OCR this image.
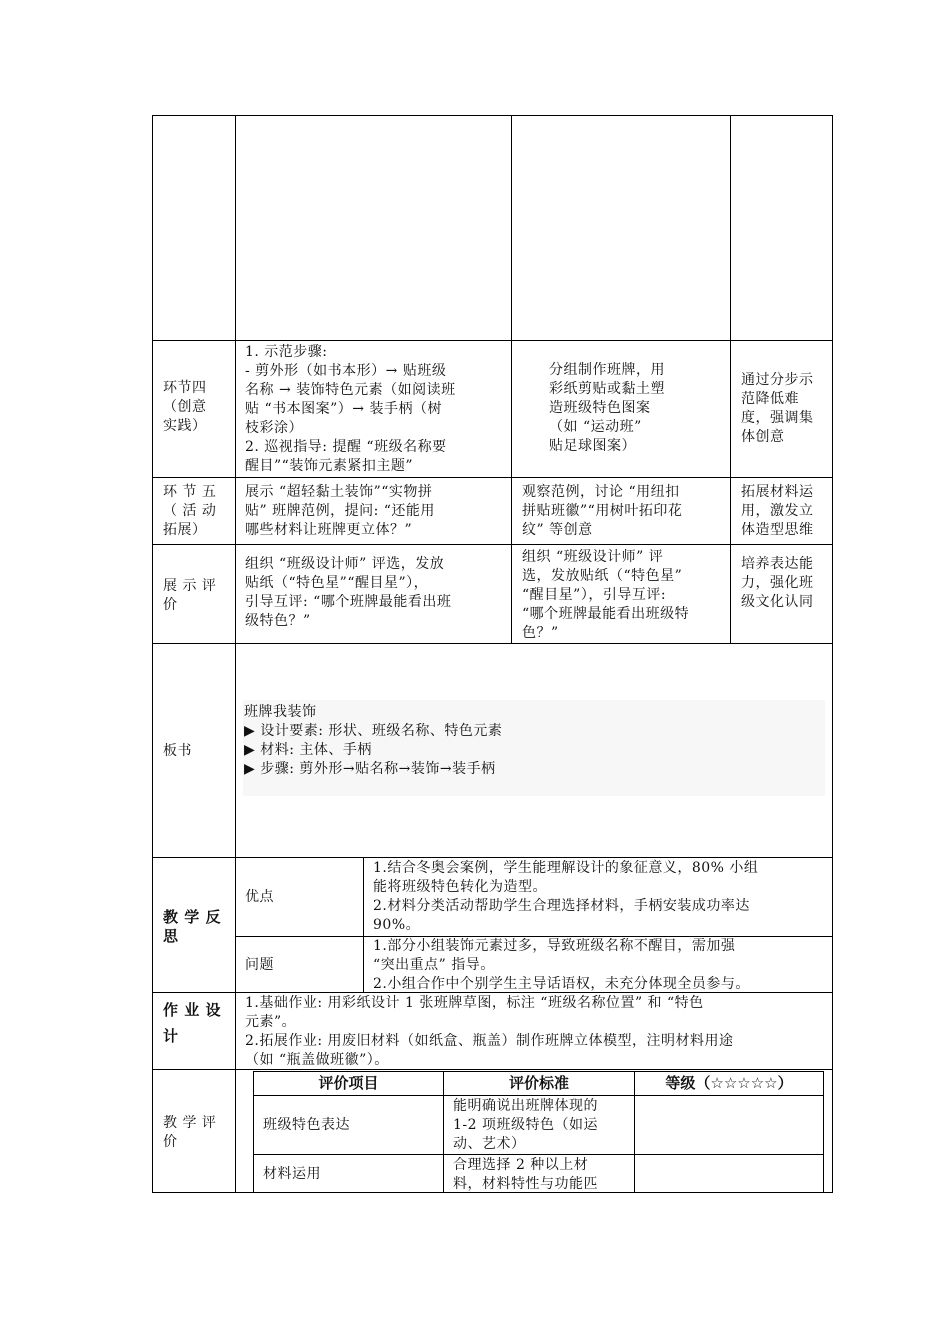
环节四
（创意
实践）
1. 示范步骤:
- 剪外形（如书本形）→ 贴班级
名称 → 装饰特色元素（如阅读班
贴 “书本图案”）→ 装手柄（树
枝彩涂）
2. 巡视指导: 提醒 “班级名称要
醒目”“装饰元素紧扣主题”
分组制作班牌，用
彩纸剪贴或黏土塑
造班级特色图案
（如 “运动班”
贴足球图案）
通过分步示
范降低难
度，强调集
体创意
环 节 五
（ 活 动
拓展）
展示 “超轻黏土装饰”“实物拼
贴” 班牌范例，提问: “还能用
哪些材料让班牌更立体？”
观察范例，讨论 “用纽扣
拼贴班徽”“用树叶拓印花
纹” 等创意
拓展材料运
用，激发立
体造型思维
展 示 评
价
组织 “班级设计师” 评选，发放
贴纸（“特色星”“醒目星”），
引导互评: “哪个班牌最能看出班
级特色？”
组织 “班级设计师” 评
选，发放贴纸（“特色星”
“醒目星”），引导互评:
“哪个班牌最能看出班级特
色？”
培养表达能
力，强化班
级文化认同
板书
班牌我装饰
▶ 设计要素: 形状、班级名称、特色元素
▶ 材料: 主体、手柄
▶ 步骤: 剪外形→贴名称→装饰→装手柄
教 学 反
思
优点
1.结合冬奥会案例，学生能理解设计的象征意义，80% 小组
能将班级特色转化为造型。
2.材料分类活动帮助学生合理选择材料，手柄安装成功率达
90%。
问题
1.部分小组装饰元素过多，导致班级名称不醒目，需加强
“突出重点” 指导。
2.小组合作中个别学生主导话语权，未充分体现全员参与。
作 业 设
计
1.基础作业: 用彩纸设计 1 张班牌草图，标注 “班级名称位置” 和 “特色
元素”。
2.拓展作业: 用废旧材料（如纸盒、瓶盖）制作班牌立体模型，注明材料用途
（如 “瓶盖做班徽”）。
教 学 评
价
评价项目	评价标准	等级（☆☆☆☆☆）
班级特色表达
能明确说出班牌体现的
1-2 项班级特色（如运
动、艺术）
材料运用
合理选择 2 种以上材
料，材料特性与功能匹
